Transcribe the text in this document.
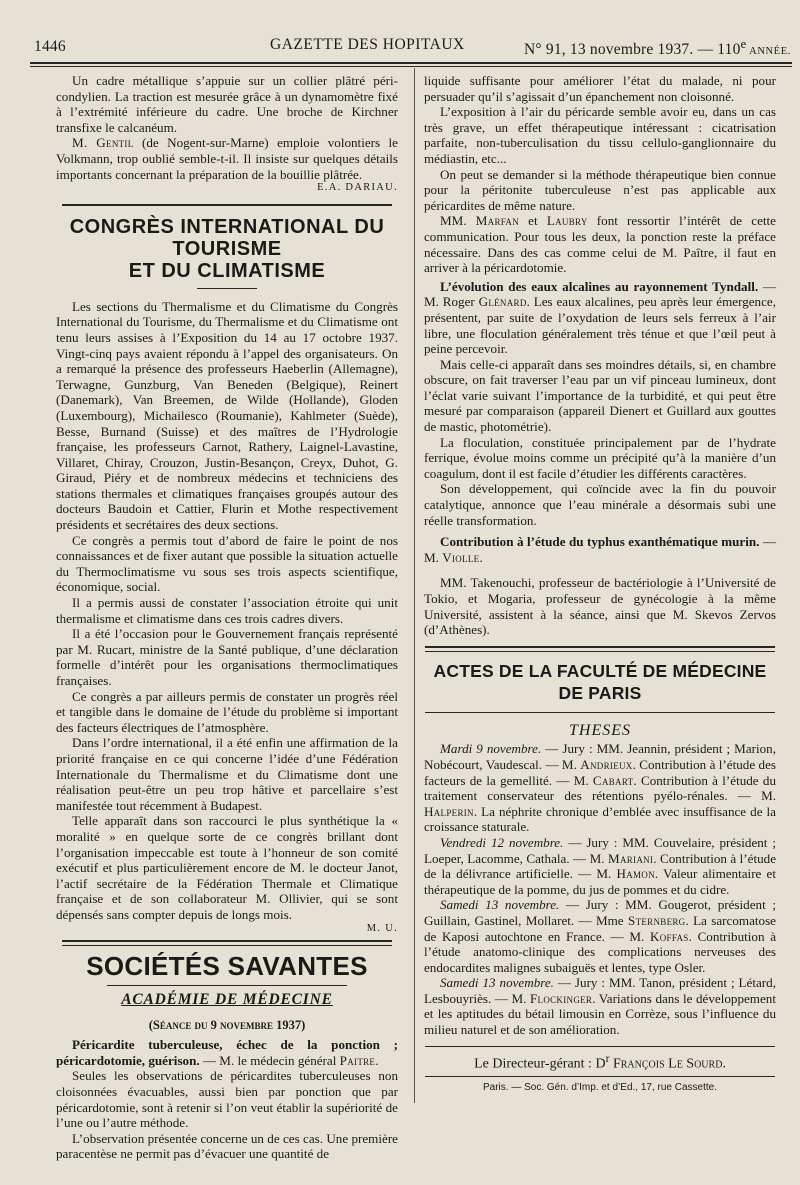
1446	GAZETTE DES HOPITAUX	N° 91, 13 novembre 1937. — 110e ANNÉE.

Un cadre métallique s’appuie sur un collier plâtré péri-condylien. La traction est mesurée grâce à un dynamomètre fixé à l’extrémité inférieure du cadre. Une broche de Kirchner transfixe le calcanéum.

M. Gentil (de Nogent-sur-Marne) emploie volontiers le Volkmann, trop oublié semble-t-il. Il insiste sur quelques détails importants concernant la préparation de la bouillie plâtrée.

E.A. DARIAU.
CONGRÈS INTERNATIONAL DU TOURISME
ET DU CLIMATISME

Les sections du Thermalisme et du Climatisme du Congrès International du Tourisme, du Thermalisme et du Climatisme ont tenu leurs assises à l’Exposition du 14 au 17 octobre 1937. Vingt-cinq pays avaient répondu à l’appel des organisateurs. On a remarqué la présence des professeurs Haeberlin (Allemagne), Terwagne, Gunzburg, Van Beneden (Belgique), Reinert (Danemark), Van Breemen, de Wilde (Hollande), Gloden (Luxembourg), Michailesco (Roumanie), Kahlmeter (Suède), Besse, Burnand (Suisse) et des maîtres de l’Hydrologie française, les professeurs Carnot, Rathery, Laignel-Lavastine, Villaret, Chiray, Crouzon, Justin-Besançon, Creyx, Duhot, G. Giraud, Piéry et de nombreux médecins et techniciens des stations thermales et climatiques françaises groupés autour des docteurs Baudoin et Cattier, Flurin et Mothe respectivement présidents et secrétaires des deux sections.

Ce congrès a permis tout d’abord de faire le point de nos connaissances et de fixer autant que possible la situation actuelle du Thermoclimatisme vu sous ses trois aspects scientifique, économique, social.

Il a permis aussi de constater l’association étroite qui unit thermalisme et climatisme dans ces trois cadres divers.

Il a été l’occasion pour le Gouvernement français représenté par M. Rucart, ministre de la Santé publique, d’une déclaration formelle d’intérêt pour les organisations thermoclimatiques françaises.

Ce congrès a par ailleurs permis de constater un progrès réel et tangible dans le domaine de l’étude du problème si important des facteurs électriques de l’atmosphère.

Dans l’ordre international, il a été enfin une affirmation de la priorité française en ce qui concerne l’idée d’une Fédération Internationale du Thermalisme et du Climatisme dont une réalisation peut-être un peu trop hâtive et parcellaire s’est manifestée tout récemment à Budapest.

Telle apparaît dans son raccourci le plus synthétique la « moralité » en quelque sorte de ce congrès brillant dont l’organisation impeccable est toute à l’honneur de son comité exécutif et plus particulièrement encore de M. le docteur Janot, l’actif secrétaire de la Fédération Thermale et Climatique française et de son collaborateur M. Ollivier, qui se sont dépensés sans compter depuis de longs mois.

M. U.
SOCIÉTÉS SAVANTES
ACADÉMIE DE MÉDECINE
(Séance du 9 novembre 1937)

Péricardite tuberculeuse, échec de la ponction ; péricardotomie, guérison. — M. le médecin général Paitre.

Seules les observations de péricardites tuberculeuses non cloisonnées évacuables, aussi bien par ponction que par péricardotomie, sont à retenir si l’on veut établir la supériorité de l’une ou l’autre méthode.

L’observation présentée concerne un de ces cas. Une première paracentèse ne permit pas d’évacuer une quantité de

liquide suffisante pour améliorer l’état du malade, ni pour persuader qu’il s’agissait d’un épanchement non cloisonné.

L’exposition à l’air du péricarde semble avoir eu, dans un cas très grave, un effet thérapeutique intéressant : cicatrisation parfaite, non-tuberculisation du tissu cellulo-ganglionnaire du médiastin, etc...

On peut se demander si la méthode thérapeutique bien connue pour la péritonite tuberculeuse n’est pas applicable aux péricardites de même nature.

MM. Marfan et Laubry font ressortir l’intérêt de cette communication. Pour tous les deux, la ponction reste la préface nécessaire. Dans des cas comme celui de M. Paître, il faut en arriver à la péricardotomie.

L’évolution des eaux alcalines au rayonnement Tyndall. — M. Roger Glénard. Les eaux alcalines, peu après leur émergence, présentent, par suite de l’oxydation de leurs sels ferreux à l’air libre, une floculation généralement très ténue et que l’œil peut à peine percevoir.

Mais celle-ci apparaît dans ses moindres détails, si, en chambre obscure, on fait traverser l’eau par un vif pinceau lumineux, dont l’éclat varie suivant l’importance de la turbidité, et qui peut être mesuré par comparaison (appareil Dienert et Guillard aux gouttes de mastic, photométrie).

La floculation, constituée principalement par de l’hydrate ferrique, évolue moins comme un précipité qu’à la manière d’un coagulum, dont il est facile d’étudier les différents caractères.

Son développement, qui coïncide avec la fin du pouvoir catalytique, annonce que l’eau minérale a désormais subi une réelle transformation.

Contribution à l’étude du typhus exanthématique murin. — M. Violle.

MM. Takenouchi, professeur de bactériologie à l’Université de Tokio, et Mogaria, professeur de gynécologie à la même Université, assistent à la séance, ainsi que M. Skevos Zervos (d’Athènes).

ACTES DE LA FACULTÉ DE MÉDECINE DE PARIS
THESES

Mardi 9 novembre. — Jury : MM. Jeannin, président ; Marion, Nobécourt, Vaudescal. — M. Andrieux. Contribution à l’étude des facteurs de la gemellité. — M. Cabart. Contribution à l’étude du traitement conservateur des rétentions pyélo-rénales. — M. Halperin. La néphrite chronique d’emblée avec insuffisance de la croissance staturale.

Vendredi 12 novembre. — Jury : MM. Couvelaire, président ; Loeper, Lacomme, Cathala. — M. Mariani. Contribution à l’étude de la délivrance artificielle. — M. Hamon. Valeur alimentaire et thérapeutique de la pomme, du jus de pommes et du cidre.

Samedi 13 novembre. — Jury : MM. Gougerot, président ; Guillain, Gastinel, Mollaret. — Mme Sternberg. La sarcomatose de Kaposi autochtone en France. — M. Koffas. Contribution à l’étude anatomo-clinique des complications nerveuses des endocardites malignes subaiguës et lentes, type Osler.

Samedi 13 novembre. — Jury : MM. Tanon, président ; Létard, Lesbouyriès. — M. Flockinger. Variations dans le développement et les aptitudes du bétail limousin en Corrèze, sous l’influence du milieu naturel et de son amélioration.

Le Directeur-gérant : $D^r$ François Le Sourd.
Paris. — Soc. Gén. d’Imp. et d’Ed., 17, rue Cassette.
